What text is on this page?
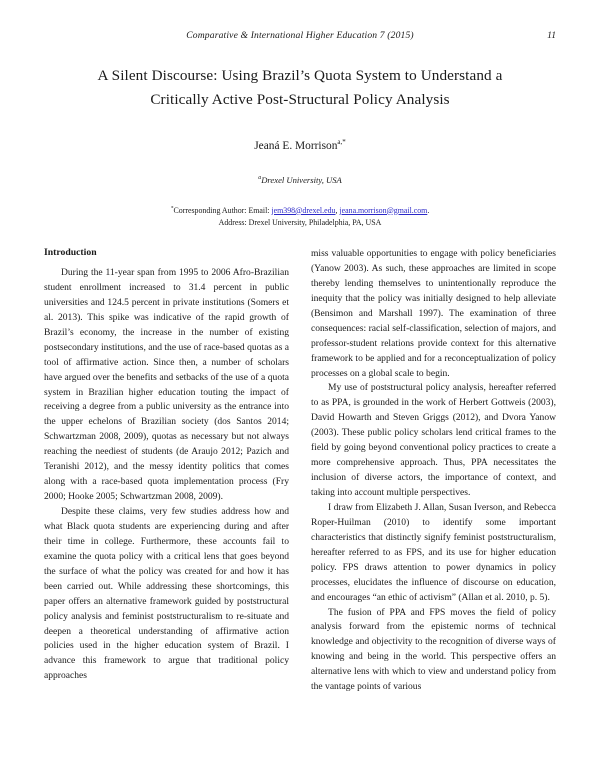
Comparative & International Higher Education 7 (2015)	11
A Silent Discourse: Using Brazil’s Quota System to Understand a
Critically Active Post-Structural Policy Analysis
Jeaná E. Morrison$^{a,*}$
$^a$Drexel University, USA
*Corresponding Author: Email: jem398@drexel.edu, jeana.morrison@gmail.com.
Address: Drexel University, Philadelphia, PA, USA
Introduction

During the 11-year span from 1995 to 2006 Afro-Brazilian student enrollment increased to 31.4 percent in public universities and 124.5 percent in private institutions (Somers et al. 2013). This spike was indicative of the rapid growth of Brazil’s economy, the increase in the number of existing postsecondary institutions, and the use of race-based quotas as a tool of affirmative action. Since then, a number of scholars have argued over the benefits and setbacks of the use of a quota system in Brazilian higher education touting the impact of receiving a degree from a public university as the entrance into the upper echelons of Brazilian society (dos Santos 2014; Schwartzman 2008, 2009), quotas as necessary but not always reaching the neediest of students (de Araujo 2012; Pazich and Teranishi 2012), and the messy identity politics that comes along with a race-based quota implementation process (Fry 2000; Hooke 2005; Schwartzman 2008, 2009).

Despite these claims, very few studies address how and what Black quota students are experiencing during and after their time in college. Furthermore, these accounts fail to examine the quota policy with a critical lens that goes beyond the surface of what the policy was created for and how it has been carried out. While addressing these shortcomings, this paper offers an alternative framework guided by poststructural policy analysis and feminist poststructuralism to re-situate and deepen a theoretical understanding of affirmative action policies used in the higher education system of Brazil. I advance this framework to argue that traditional policy approaches

miss valuable opportunities to engage with policy beneficiaries (Yanow 2003). As such, these approaches are limited in scope thereby lending themselves to unintentionally reproduce the inequity that the policy was initially designed to help alleviate (Bensimon and Marshall 1997). The examination of three consequences: racial self-classification, selection of majors, and professor-student relations provide context for this alternative framework to be applied and for a reconceptualization of policy processes on a global scale to begin.

My use of poststructural policy analysis, hereafter referred to as PPA, is grounded in the work of Herbert Gottweis (2003), David Howarth and Steven Griggs (2012), and Dvora Yanow (2003). These public policy scholars lend critical frames to the field by going beyond conventional policy practices to create a more comprehensive approach. Thus, PPA necessitates the inclusion of diverse actors, the importance of context, and taking into account multiple perspectives.

I draw from Elizabeth J. Allan, Susan Iverson, and Rebecca Roper-Huilman (2010) to identify some important characteristics that distinctly signify feminist poststructuralism, hereafter referred to as FPS, and its use for higher education policy. FPS draws attention to power dynamics in policy processes, elucidates the influence of discourse on education, and encourages “an ethic of activism” (Allan et al. 2010, p. 5).

The fusion of PPA and FPS moves the field of policy analysis forward from the epistemic norms of technical knowledge and objectivity to the recognition of diverse ways of knowing and being in the world. This perspective offers an alternative lens with which to view and understand policy from the vantage points of various
